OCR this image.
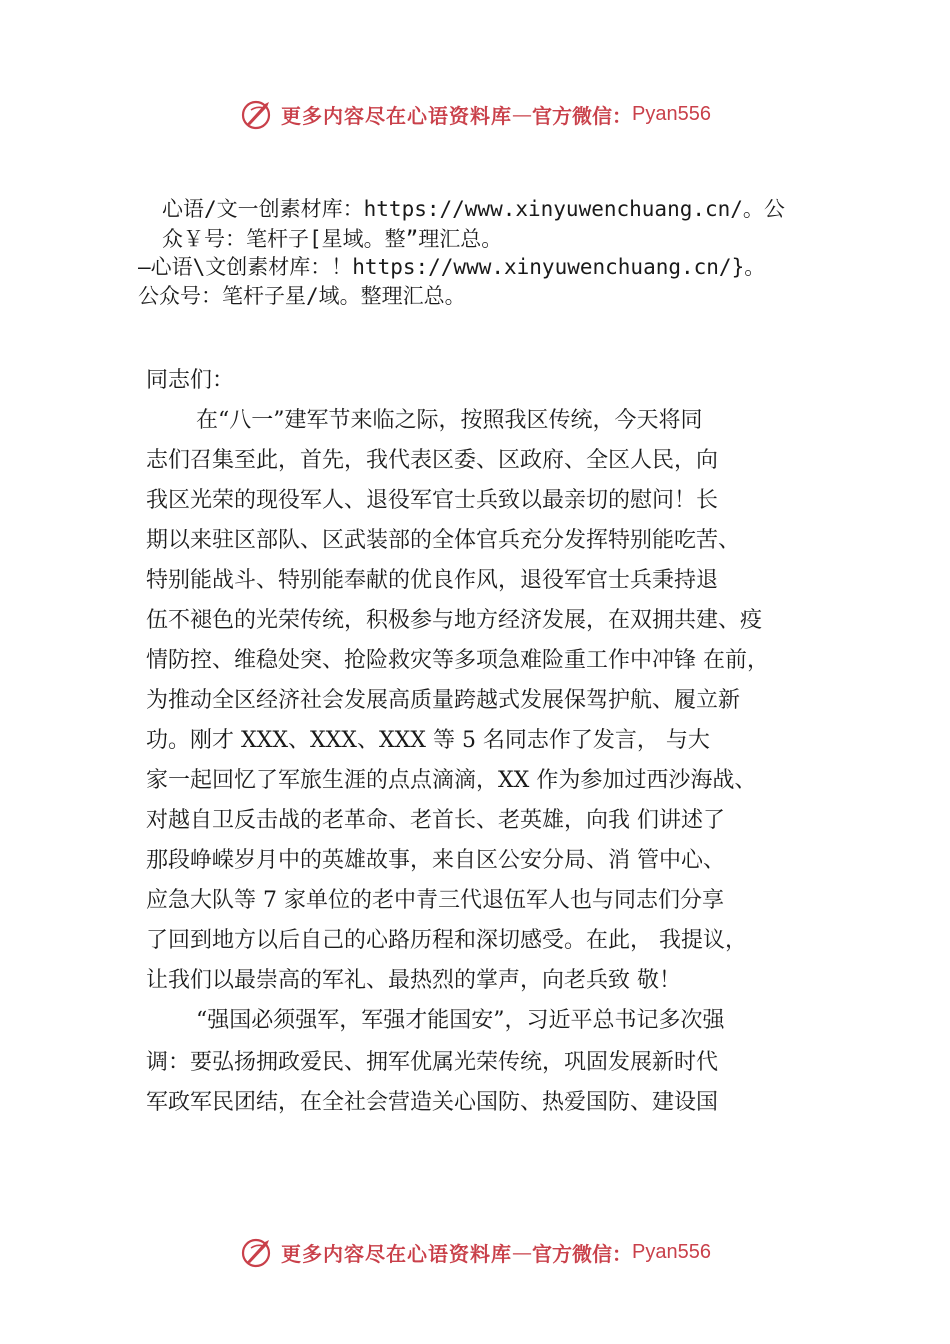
更多内容尽在心语资料库 — 官方微信： Pyan556
心语/文一创素材库：https://www.xinyuwenchuang.cn/。公
众￥号：笔杆子[星域。整”理汇总。
—心语\文创素材库：！https://www.xinyuwenchuang.cn/}。
公众号：笔杆子星/域。整理汇总。
同志们：
在“八一”建军节来临之际，按照我区传统，今天将同
志们召集至此，首先，我代表区委、区政府、全区人民，向
我区光荣的现役军人、退役军官士兵致以最亲切的慰问！长
期以来驻区部队、区武装部的全体官兵充分发挥特别能吃苦、
特别能战斗、特别能奉献的优良作风，退役军官士兵秉持退
伍不褪色的光荣传统，积极参与地方经济发展，在双拥共建、疫
情防控、维稳处突、抢险救灾等多项急难险重工作中冲锋 在前，
为推动全区经济社会发展高质量跨越式发展保驾护航、履立新
功。刚才 XXX、XXX、XXX 等 5 名同志作了发言， 与大
家一起回忆了军旅生涯的点点滴滴，XX 作为参加过西沙海战、
对越自卫反击战的老革命、老首长、老英雄，向我 们讲述了
那段峥嵘岁月中的英雄故事，来自区公安分局、消 管中心、
应急大队等 7 家单位的老中青三代退伍军人也与同志们分享
了回到地方以后自己的心路历程和深切感受。在此， 我提议，
让我们以最崇高的军礼、最热烈的掌声，向老兵致 敬！
“强国必须强军，军强才能国安”，习近平总书记多次强
调：要弘扬拥政爱民、拥军优属光荣传统，巩固发展新时代
军政军民团结，在全社会营造关心国防、热爱国防、建设国
更多内容尽在心语资料库 — 官方微信： Pyan556
